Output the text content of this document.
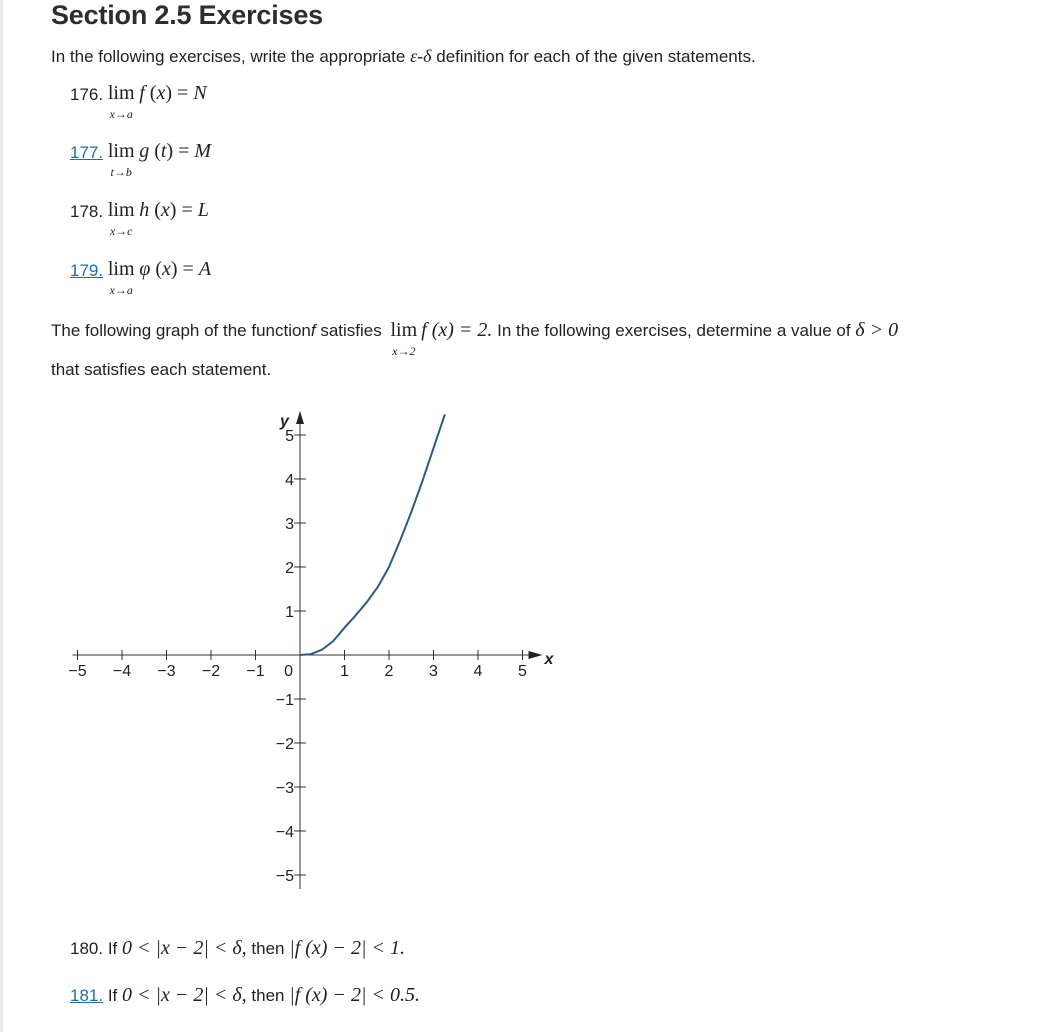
Section 2.5 Exercises
In the following exercises, write the appropriate ε-δ definition for each of the given statements.
176. lim
x→a
f (x) = N
177. lim
t→b
g (t) = M
178. lim
x→c
h (x) = L
179. lim
x→a
φ (x) = A
The following graph of the functionf satisfies lim
x→2
f (x) = 2. In the following exercises, determine a value of δ > 0
that satisfies each statement.
x
y
−5 −4 −3 −2 −1	1 2 3 4 5
5
4
3
2
1
−1
−2
−3
−4
−5
0
180. If 0 < |x − 2| < δ, then |f (x) − 2| < 1.
181. If 0 < |x − 2| < δ, then |f (x) − 2| < 0.5.
